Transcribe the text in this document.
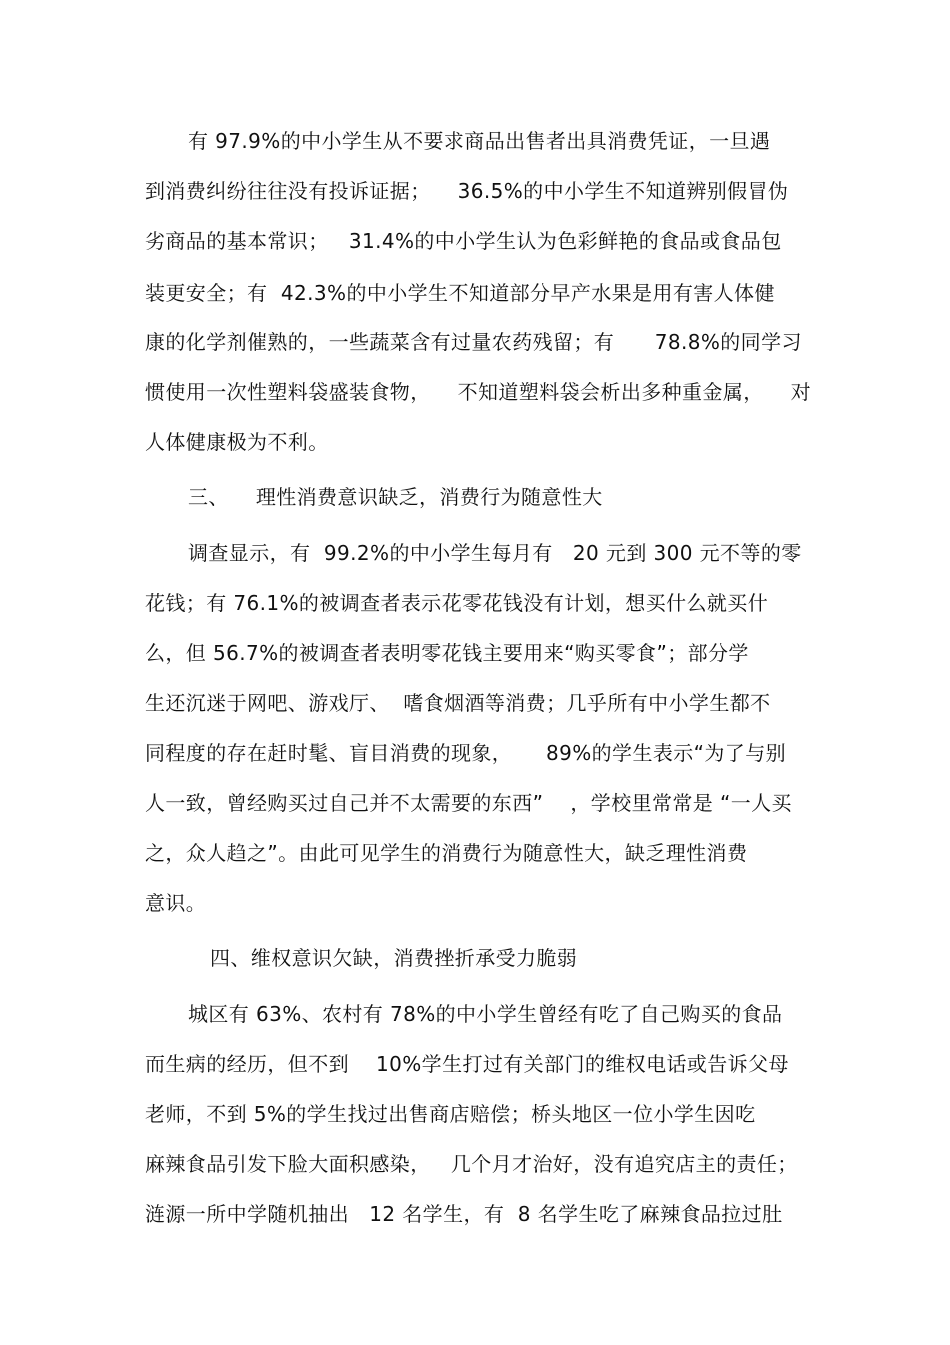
有 97.9%的中小学生从不要求商品出售者出具消费凭证，一旦遇
到消费纠纷往往没有投诉证据；    36.5%的中小学生不知道辨别假冒伪
劣商品的基本常识；   31.4%的中小学生认为色彩鲜艳的食品或食品包
装更安全；有  42.3%的中小学生不知道部分早产水果是用有害人体健
康的化学剂催熟的，一些蔬菜含有过量农药残留；有      78.8%的同学习
惯使用一次性塑料袋盛装食物，    不知道塑料袋会析出多种重金属，    对
人体健康极为不利。
三、    理性消费意识缺乏，消费行为随意性大
调查显示，有  99.2%的中小学生每月有   20 元到 300 元不等的零
花钱；有 76.1%的被调查者表示花零花钱没有计划，想买什么就买什
么，但 56.7%的被调查者表明零花钱主要用来“购买零食”；部分学
生还沉迷于网吧、游戏厅、  嗜食烟酒等消费；几乎所有中小学生都不
同程度的存在赶时髦、盲目消费的现象，     89%的学生表示“为了与别
人一致，曾经购买过自己并不太需要的东西”    ，学校里常常是 “一人买
之，众人趋之”。由此可见学生的消费行为随意性大，缺乏理性消费
意识。
四、维权意识欠缺，消费挫折承受力脆弱
城区有 63%、农村有 78%的中小学生曾经有吃了自己购买的食品
而生病的经历，但不到    10%学生打过有关部门的维权电话或告诉父母
老师，不到 5%的学生找过出售商店赔偿；桥头地区一位小学生因吃
麻辣食品引发下脸大面积感染，   几个月才治好，没有追究店主的责任；
涟源一所中学随机抽出   12 名学生，有  8 名学生吃了麻辣食品拉过肚
